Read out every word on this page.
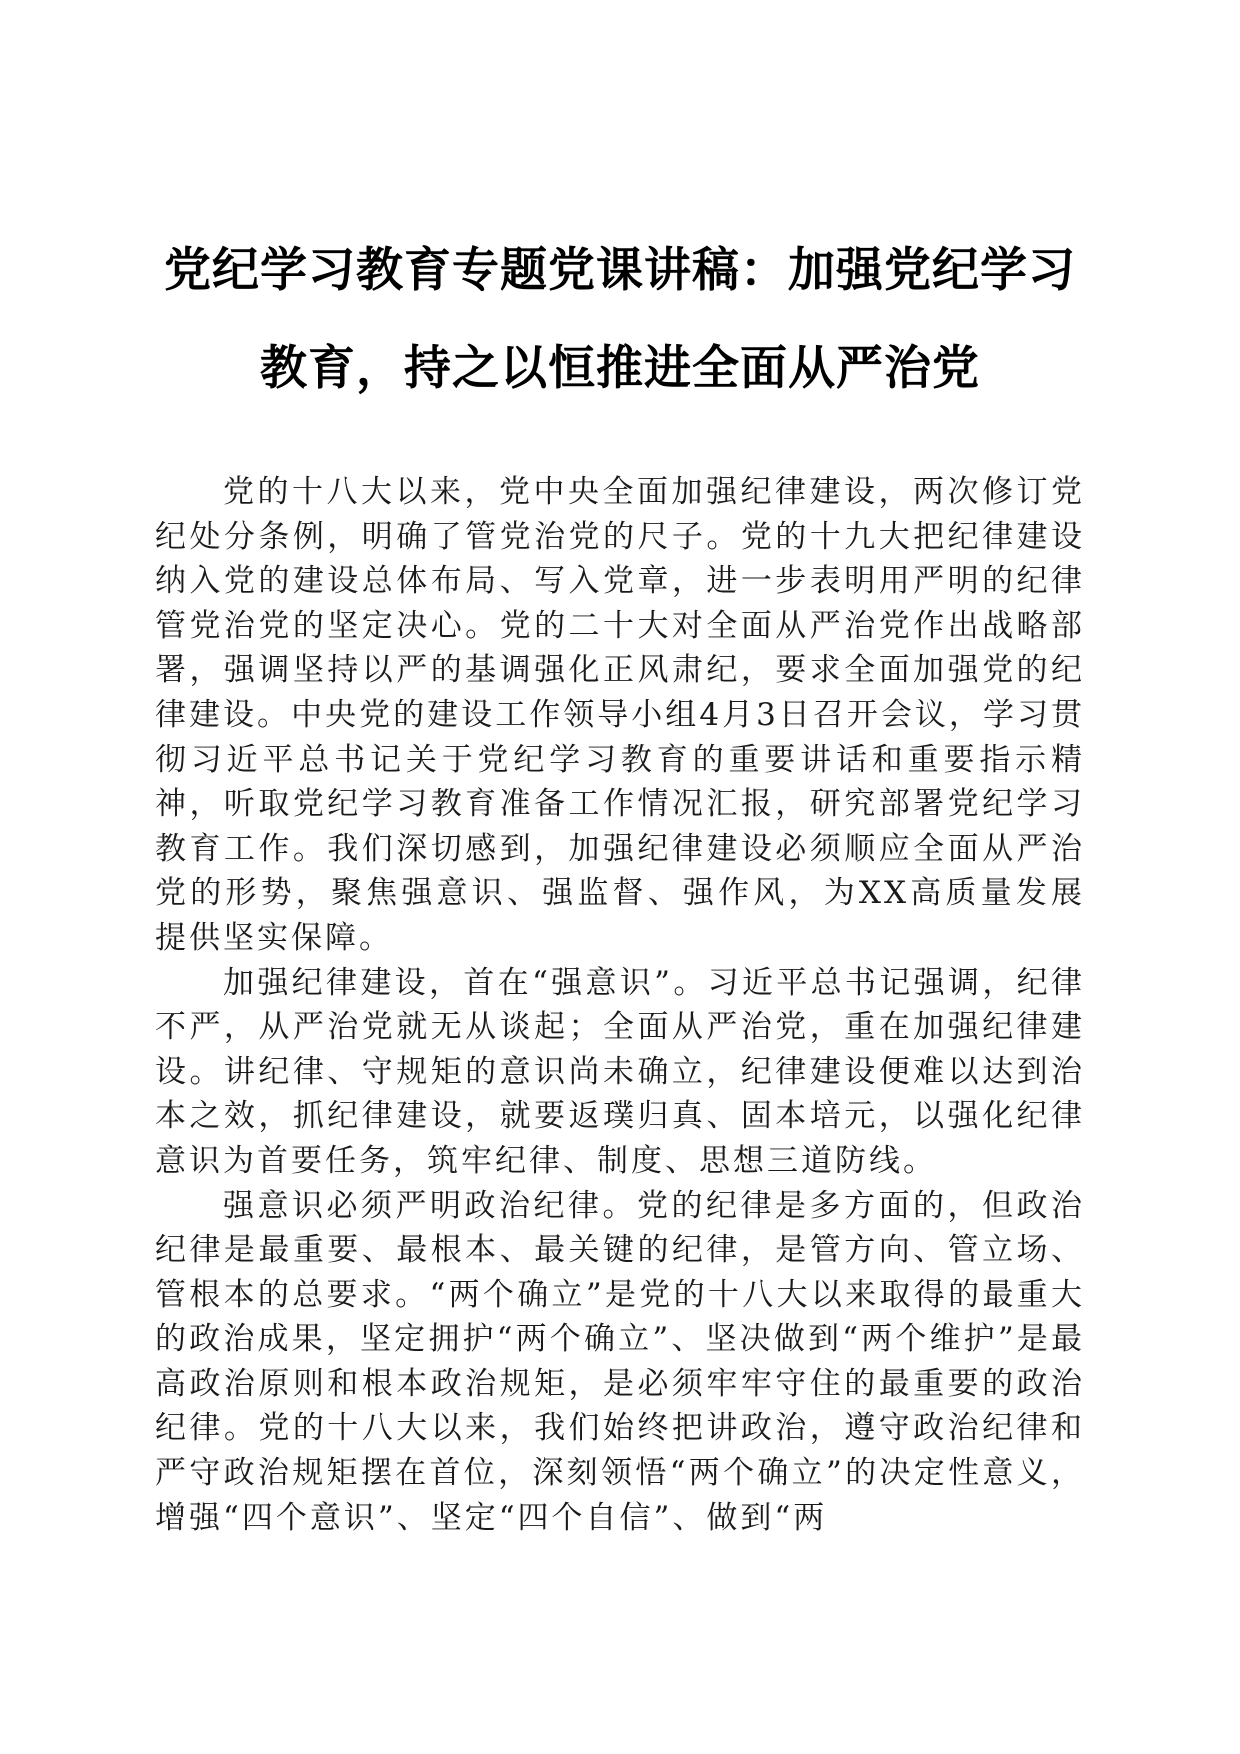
党纪学习教育专题党课讲稿：加强党纪学习教育，持之以恒推进全面从严治党

党的十八大以来，党中央全面加强纪律建设，两次修订党纪处分条例，明确了管党治党的尺子。党的十九大把纪律建设纳入党的建设总体布局、写入党章，进一步表明用严明的纪律管党治党的坚定决心。党的二十大对全面从严治党作出战略部署，强调坚持以严的基调强化正风肃纪，要求全面加强党的纪律建设。中央党的建设工作领导小组4月3日召开会议，学习贯彻习近平总书记关于党纪学习教育的重要讲话和重要指示精神，听取党纪学习教育准备工作情况汇报，研究部署党纪学习教育工作。我们深切感到，加强纪律建设必须顺应全面从严治党的形势，聚焦强意识、强监督、强作风，为XX高质量发展提供坚实保障。

加强纪律建设，首在“强意识”。习近平总书记强调，纪律不严，从严治党就无从谈起；全面从严治党，重在加强纪律建设。讲纪律、守规矩的意识尚未确立，纪律建设便难以达到治本之效，抓纪律建设，就要返璞归真、固本培元，以强化纪律意识为首要任务，筑牢纪律、制度、思想三道防线。

强意识必须严明政治纪律。党的纪律是多方面的，但政治纪律是最重要、最根本、最关键的纪律，是管方向、管立场、管根本的总要求。“两个确立”是党的十八大以来取得的最重大的政治成果，坚定拥护“两个确立”、坚决做到“两个维护”是最高政治原则和根本政治规矩，是必须牢牢守住的最重要的政治纪律。党的十八大以来，我们始终把讲政治，遵守政治纪律和严守政治规矩摆在首位，深刻领悟“两个确立”的决定性意义，增强“四个意识”、坚定“四个自信”、做到“两
